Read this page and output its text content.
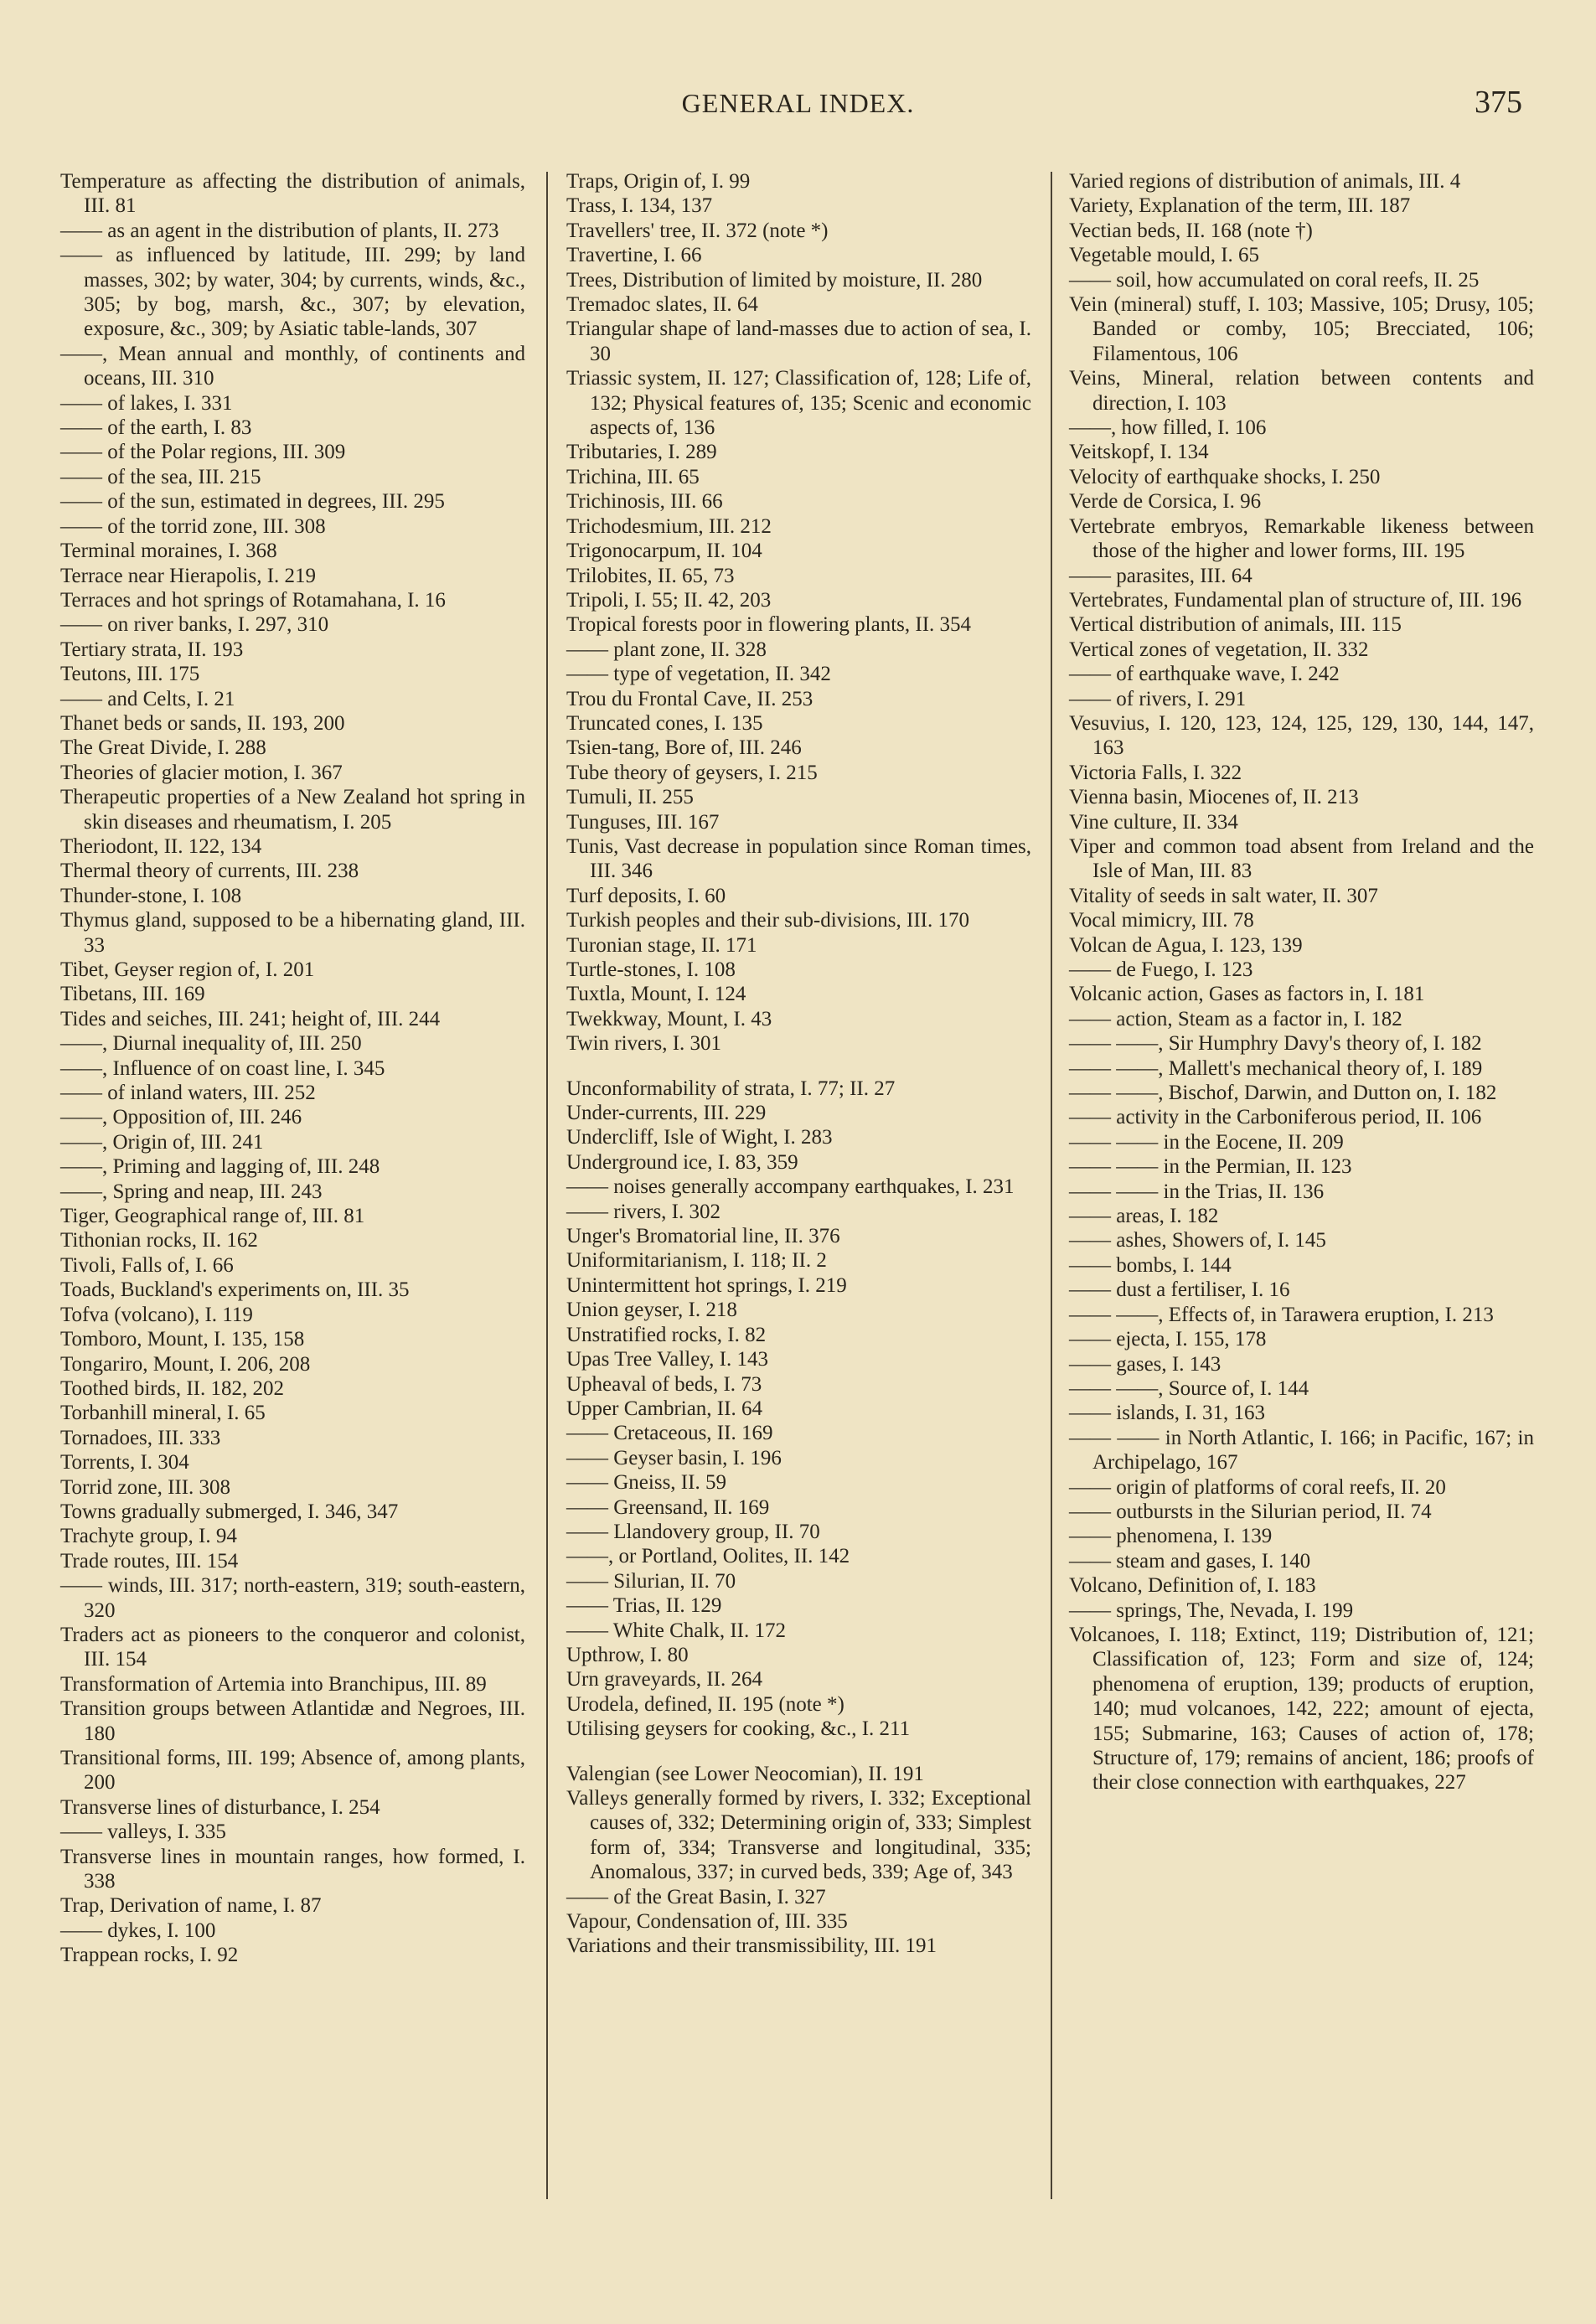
GENERAL INDEX.	375

Temperature as affecting the distribution of animals, III. 81

—— as an agent in the distribution of plants, II. 273

—— as influenced by latitude, III. 299; by land masses, 302; by water, 304; by currents, winds, &c., 305; by bog, marsh, &c., 307; by elevation, exposure, &c., 309; by Asiatic table-lands, 307

——, Mean annual and monthly, of continents and oceans, III. 310

—— of lakes, I. 331

—— of the earth, I. 83

—— of the Polar regions, III. 309

—— of the sea, III. 215

—— of the sun, estimated in degrees, III. 295

—— of the torrid zone, III. 308

Terminal moraines, I. 368

Terrace near Hierapolis, I. 219

Terraces and hot springs of Rotamahana, I. 16

—— on river banks, I. 297, 310

Tertiary strata, II. 193

Teutons, III. 175

—— and Celts, I. 21

Thanet beds or sands, II. 193, 200

The Great Divide, I. 288

Theories of glacier motion, I. 367

Therapeutic properties of a New Zealand hot spring in skin diseases and rheumatism, I. 205

Theriodont, II. 122, 134

Thermal theory of currents, III. 238

Thunder-stone, I. 108

Thymus gland, supposed to be a hibernating gland, III. 33

Tibet, Geyser region of, I. 201

Tibetans, III. 169

Tides and seiches, III. 241; height of, III. 244

——, Diurnal inequality of, III. 250

——, Influence of on coast line, I. 345

—— of inland waters, III. 252

——, Opposition of, III. 246

——, Origin of, III. 241

——, Priming and lagging of, III. 248

——, Spring and neap, III. 243

Tiger, Geographical range of, III. 81

Tithonian rocks, II. 162

Tivoli, Falls of, I. 66

Toads, Buckland's experiments on, III. 35

Tofva (volcano), I. 119

Tomboro, Mount, I. 135, 158

Tongariro, Mount, I. 206, 208

Toothed birds, II. 182, 202

Torbanhill mineral, I. 65

Tornadoes, III. 333

Torrents, I. 304

Torrid zone, III. 308

Towns gradually submerged, I. 346, 347

Trachyte group, I. 94

Trade routes, III. 154

—— winds, III. 317; north-eastern, 319; south-eastern, 320

Traders act as pioneers to the conqueror and colonist, III. 154

Transformation of Artemia into Branchipus, III. 89

Transition groups between Atlantidæ and Negroes, III. 180

Transitional forms, III. 199; Absence of, among plants, 200

Transverse lines of disturbance, I. 254

—— valleys, I. 335

Transverse lines in mountain ranges, how formed, I. 338

Trap, Derivation of name, I. 87

—— dykes, I. 100

Trappean rocks, I. 92

Traps, Origin of, I. 99

Trass, I. 134, 137

Travellers' tree, II. 372 (note *)

Travertine, I. 66

Trees, Distribution of limited by moisture, II. 280

Tremadoc slates, II. 64

Triangular shape of land-masses due to action of sea, I. 30

Triassic system, II. 127; Classification of, 128; Life of, 132; Physical features of, 135; Scenic and economic aspects of, 136

Tributaries, I. 289

Trichina, III. 65

Trichinosis, III. 66

Trichodesmium, III. 212

Trigonocarpum, II. 104

Trilobites, II. 65, 73

Tripoli, I. 55; II. 42, 203

Tropical forests poor in flowering plants, II. 354

—— plant zone, II. 328

—— type of vegetation, II. 342

Trou du Frontal Cave, II. 253

Truncated cones, I. 135

Tsien-tang, Bore of, III. 246

Tube theory of geysers, I. 215

Tumuli, II. 255

Tunguses, III. 167

Tunis, Vast decrease in population since Roman times, III. 346

Turf deposits, I. 60

Turkish peoples and their sub-divisions, III. 170

Turonian stage, II. 171

Turtle-stones, I. 108

Tuxtla, Mount, I. 124

Twekkway, Mount, I. 43

Twin rivers, I. 301

Unconformability of strata, I. 77; II. 27

Under-currents, III. 229

Undercliff, Isle of Wight, I. 283

Underground ice, I. 83, 359

—— noises generally accompany earthquakes, I. 231

—— rivers, I. 302

Unger's Bromatorial line, II. 376

Uniformitarianism, I. 118; II. 2

Unintermittent hot springs, I. 219

Union geyser, I. 218

Unstratified rocks, I. 82

Upas Tree Valley, I. 143

Upheaval of beds, I. 73

Upper Cambrian, II. 64

—— Cretaceous, II. 169

—— Geyser basin, I. 196

—— Gneiss, II. 59

—— Greensand, II. 169

—— Llandovery group, II. 70

——, or Portland, Oolites, II. 142

—— Silurian, II. 70

—— Trias, II. 129

—— White Chalk, II. 172

Upthrow, I. 80

Urn graveyards, II. 264

Urodela, defined, II. 195 (note *)

Utilising geysers for cooking, &c., I. 211

Valengian (see Lower Neocomian), II. 191

Valleys generally formed by rivers, I. 332; Exceptional causes of, 332; Determining origin of, 333; Simplest form of, 334; Transverse and longitudinal, 335; Anomalous, 337; in curved beds, 339; Age of, 343

—— of the Great Basin, I. 327

Vapour, Condensation of, III. 335

Variations and their transmissibility, III. 191

Varied regions of distribution of animals, III. 4

Variety, Explanation of the term, III. 187

Vectian beds, II. 168 (note †)

Vegetable mould, I. 65

—— soil, how accumulated on coral reefs, II. 25

Vein (mineral) stuff, I. 103; Massive, 105; Drusy, 105; Banded or comby, 105; Brecciated, 106; Filamentous, 106

Veins, Mineral, relation between contents and direction, I. 103

——, how filled, I. 106

Veitskopf, I. 134

Velocity of earthquake shocks, I. 250

Verde de Corsica, I. 96

Vertebrate embryos, Remarkable likeness between those of the higher and lower forms, III. 195

—— parasites, III. 64

Vertebrates, Fundamental plan of structure of, III. 196

Vertical distribution of animals, III. 115

Vertical zones of vegetation, II. 332

—— of earthquake wave, I. 242

—— of rivers, I. 291

Vesuvius, I. 120, 123, 124, 125, 129, 130, 144, 147, 163

Victoria Falls, I. 322

Vienna basin, Miocenes of, II. 213

Vine culture, II. 334

Viper and common toad absent from Ireland and the Isle of Man, III. 83

Vitality of seeds in salt water, II. 307

Vocal mimicry, III. 78

Volcan de Agua, I. 123, 139

—— de Fuego, I. 123

Volcanic action, Gases as factors in, I. 181

—— action, Steam as a factor in, I. 182

—— ——, Sir Humphry Davy's theory of, I. 182

—— ——, Mallett's mechanical theory of, I. 189

—— ——, Bischof, Darwin, and Dutton on, I. 182

—— activity in the Carboniferous period, II. 106

—— —— in the Eocene, II. 209

—— —— in the Permian, II. 123

—— —— in the Trias, II. 136

—— areas, I. 182

—— ashes, Showers of, I. 145

—— bombs, I. 144

—— dust a fertiliser, I. 16

—— ——, Effects of, in Tarawera eruption, I. 213

—— ejecta, I. 155, 178

—— gases, I. 143

—— ——, Source of, I. 144

—— islands, I. 31, 163

—— —— in North Atlantic, I. 166; in Pacific, 167; in Archipelago, 167

—— origin of platforms of coral reefs, II. 20

—— outbursts in the Silurian period, II. 74

—— phenomena, I. 139

—— steam and gases, I. 140

Volcano, Definition of, I. 183

—— springs, The, Nevada, I. 199

Volcanoes, I. 118; Extinct, 119; Distribution of, 121; Classification of, 123; Form and size of, 124; phenomena of eruption, 139; products of eruption, 140; mud volcanoes, 142, 222; amount of ejecta, 155; Submarine, 163; Causes of action of, 178; Structure of, 179; remains of ancient, 186; proofs of their close connection with earthquakes, 227
